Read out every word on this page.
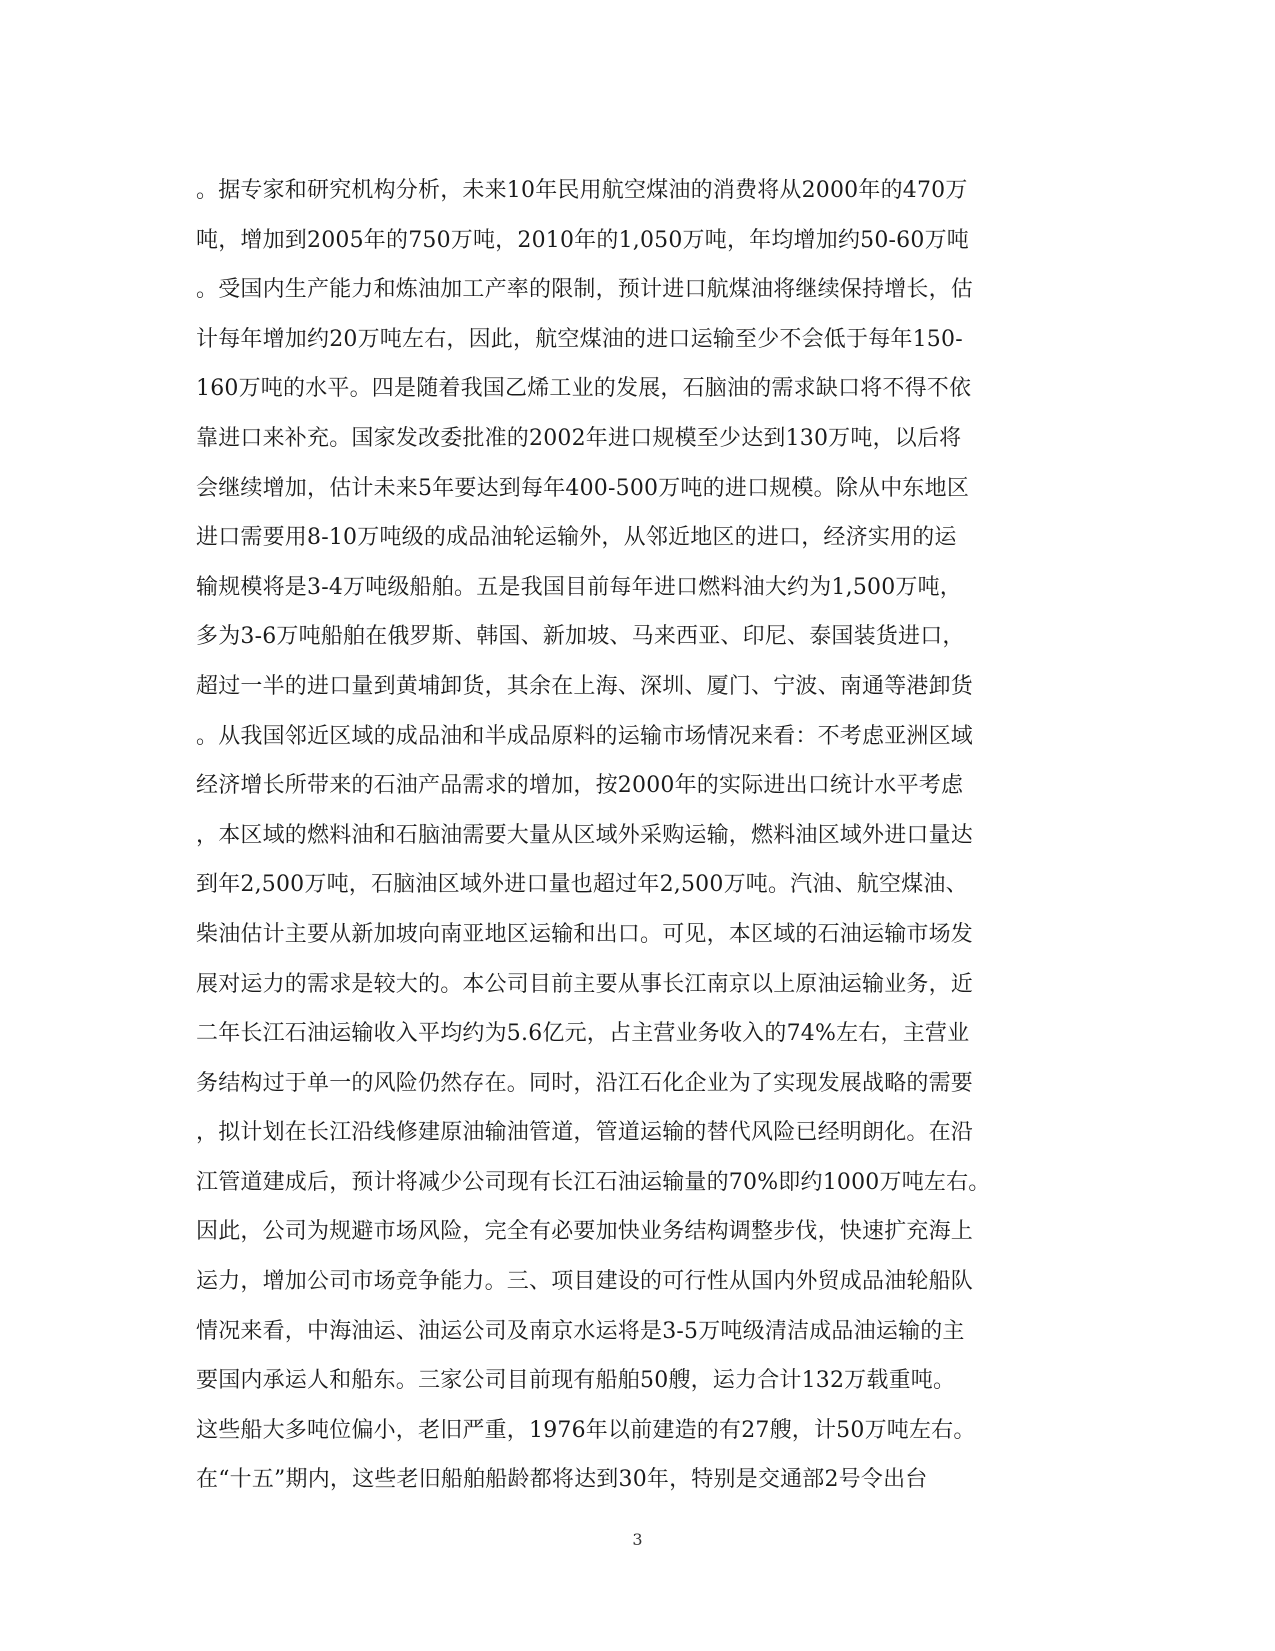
。据专家和研究机构分析，未来10年民用航空煤油的消费将从2000年的470万
吨，增加到2005年的750万吨，2010年的1,050万吨，年均增加约50-60万吨
。受国内生产能力和炼油加工产率的限制，预计进口航煤油将继续保持增长，估
计每年增加约20万吨左右，因此，航空煤油的进口运输至少不会低于每年150-
160万吨的水平。四是随着我国乙烯工业的发展，石脑油的需求缺口将不得不依
靠进口来补充。国家发改委批准的2002年进口规模至少达到130万吨，以后将
会继续增加，估计未来5年要达到每年400-500万吨的进口规模。除从中东地区
进口需要用8-10万吨级的成品油轮运输外，从邻近地区的进口，经济实用的运
输规模将是3-4万吨级船舶。五是我国目前每年进口燃料油大约为1,500万吨，
多为3-6万吨船舶在俄罗斯、韩国、新加坡、马来西亚、印尼、泰国装货进口，
超过一半的进口量到黄埔卸货，其余在上海、深圳、厦门、宁波、南通等港卸货
。从我国邻近区域的成品油和半成品原料的运输市场情况来看：不考虑亚洲区域
经济增长所带来的石油产品需求的增加，按2000年的实际进出口统计水平考虑
，本区域的燃料油和石脑油需要大量从区域外采购运输，燃料油区域外进口量达
到年2,500万吨，石脑油区域外进口量也超过年2,500万吨。汽油、航空煤油、
柴油估计主要从新加坡向南亚地区运输和出口。可见，本区域的石油运输市场发
展对运力的需求是较大的。本公司目前主要从事长江南京以上原油运输业务，近
二年长江石油运输收入平均约为5.6亿元，占主营业务收入的74%左右，主营业
务结构过于单一的风险仍然存在。同时，沿江石化企业为了实现发展战略的需要
，拟计划在长江沿线修建原油输油管道，管道运输的替代风险已经明朗化。在沿
江管道建成后，预计将减少公司现有长江石油运输量的70%即约1000万吨左右。
因此，公司为规避市场风险，完全有必要加快业务结构调整步伐，快速扩充海上
运力，增加公司市场竞争能力。三、项目建设的可行性从国内外贸成品油轮船队
情况来看，中海油运、油运公司及南京水运将是3-5万吨级清洁成品油运输的主
要国内承运人和船东。三家公司目前现有船舶50艘，运力合计132万载重吨。
这些船大多吨位偏小，老旧严重，1976年以前建造的有27艘，计50万吨左右。
在“十五”期内，这些老旧船舶船龄都将达到30年，特别是交通部2号令出台
3
